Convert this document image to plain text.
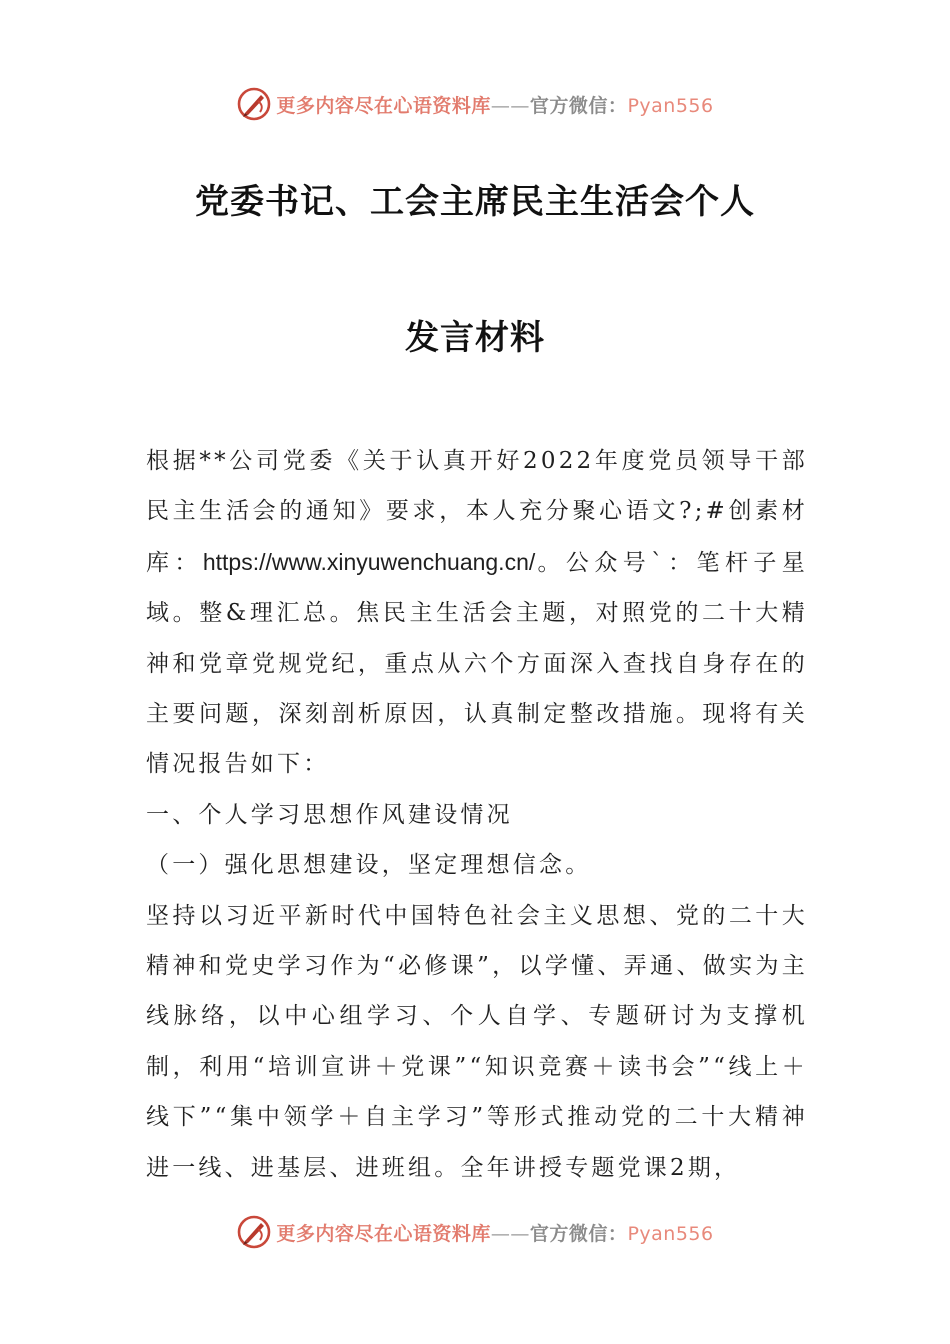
更多内容尽在心语资料库——官方微信：Pyan556
党委书记、工会主席民主生活会个人
发言材料

根据**公司党委《关于认真开好2022年度党员领导干部民主生活会的通知》要求，本人充分聚心语文?;#创素材库：https://www.xinyuwenchuang.cn/。公众号`：笔杆子星域。整&理汇总。焦民主生活会主题，对照党的二十大精神和党章党规党纪，重点从六个方面深入查找自身存在的主要问题，深刻剖析原因，认真制定整改措施。现将有关情况报告如下：

一、个人学习思想作风建设情况

（一）强化思想建设，坚定理想信念。

坚持以习近平新时代中国特色社会主义思想、党的二十大精神和党史学习作为“必修课”，以学懂、弄通、做实为主线脉络，以中心组学习、个人自学、专题研讨为支撑机制，利用“培训宣讲＋党课”“知识竞赛＋读书会”“线上＋线下”“集中领学＋自主学习”等形式推动党的二十大精神进一线、进基层、进班组。全年讲授专题党课2期，

更多内容尽在心语资料库——官方微信：Pyan556
